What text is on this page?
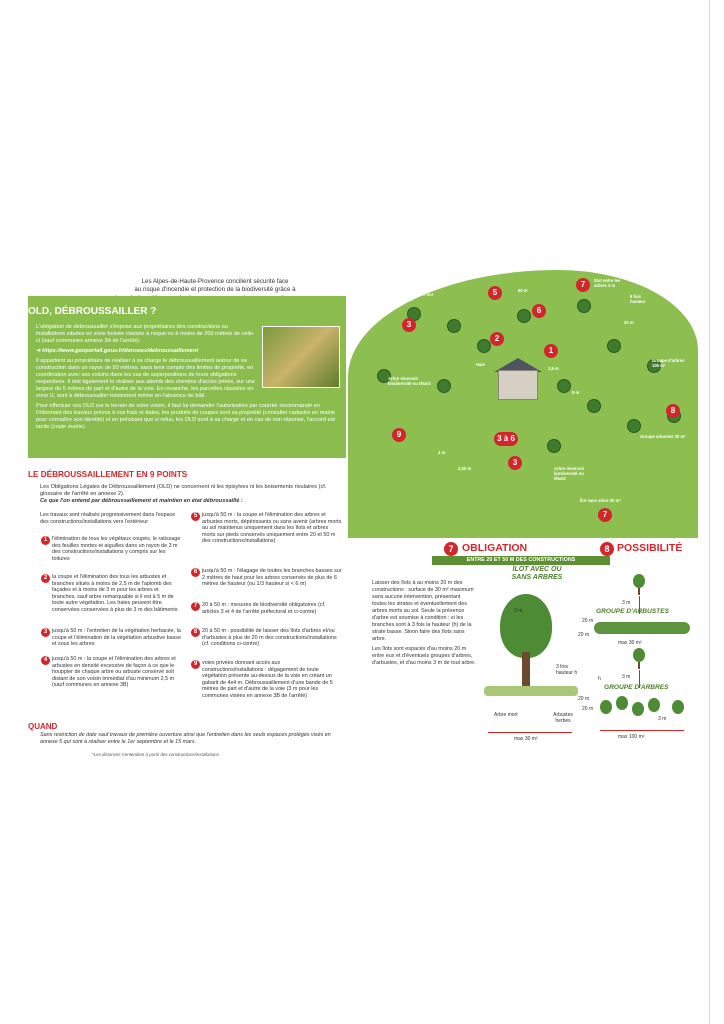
Les Alpes-de-Haute-Provence concilient sécurité face
au risque d'incendie et protection de la biodiversité grâce à
OLD, DÉBROUSSAILLER ?

L'obligation de débroussailler s'impose aux propriétaires des constructions ou installations situées en zone boisée classée à risque ou à moins de 200 mètres de celle-ci (sauf communes annexe 3A de l'arrêté).

➜ https://www.geoportail.gouv.fr/donnees/debroussaillement

Il appartient au propriétaire de réaliser à sa charge le débroussaillement autour de sa construction dans un rayon de 50 mètres, sans tenir compte des limites de propriété, en coordination avec ses voisins dans les cas de superpositions de leurs obligations respectives. Il doit également le réaliser aux abords des chemins d'accès privés, sur une largeur de 5 mètres de part et d'autre de la voie. En revanche, les parcelles classées en zone U, sont à débroussailler totalement même en l'absence de bâti.

Pour effectuer vos OLD sur le terrain de votre voisin, il faut lui demander l'autorisation par courrier recommandé en l'informant des travaux prévus à vos frais et dates, les produits de coupes sont sa propriété (consulter cadastre en mairie pour connaître son identité) et en précisant que si refus, les OLD sont à sa charge et en cas de non réponse, l'accord est tacite (copie mairie)

3
5
6
2
1
7
8
9
3
3 à 6
7
Arbre mort sur pied
Haie
Arbre réservoir biodiversité ou têtard
Dist entre les arbres 3 m
8 fois hauteur
Groupe d'arbres 100 m²
Groupe arbustes 30 m²
Îlot sans arbre 30 m²
Arbre réservoir biodiversité ou têtard
50 m
4 m
2,50 m
2,5 m
5 m
20 m
LE DÉBROUSSAILLEMENT EN 9 POINTS
Les Obligations Légales de Débroussaillement (OLD) ne concernent ni les ripisylves ni les boisements rivulaires (cf. glossaire de l'arrêté en annexe 2).
Ce que l'on entend par débroussaillement et maintien en état débroussaillé :
Les travaux sont réalisés progressivement dans l'espace des constructions/installations vers l'extérieur
1 l'élimination de tous les végétaux coupés, le ratissage des feuilles mortes et aiguilles dans un rayon de 3 m des constructions/installations y compris sur les toitures
2 la coupe et l'élimination des tous les arbustes et branches situés à moins de 2,5 m de l'aplomb des façades et à moins de 3 m pour les arbres et branches, sauf arbre remarquable si il est à 5 m de toute autre végétation. Les haies peuvent être conservées conservées à plus de 3 m des bâtiments
3 jusqu'à 50 m : l'entretien de la végétation herbacée, la coupe et l'élimination de la végétation arbustive basse et sous les arbres
4 jusqu'à 50 m : la coupe et l'élimination des arbres et arbustes en densité excessive de façon à ce que le houppier de chaque arbre ou arbuste conservé soit distant de son voisin immédiat d'au minimum 2,5 m (sauf communes en annexe 3B)
5 jusqu'à 50 m : la coupe et l'élimination des arbres et arbustes morts, dépérissants ou sans avenir (arbres morts au sol maintenus uniquement dans les îlots et arbres morts sur pieds conservés uniquement entre 20 et 50 m des constructions/installations)
6 jusqu'à 50 m : l'élagage de toutes les branches basses sur 2 mètres de haut pour les arbres conservés de plus de 6 mètres de hauteur (ou 1/3 hauteur si < 6 m)
7 20 à 50 m : mesures de biodiversité obligatoires (cf. articles 3 et 4 de l'arrêté préfectoral et ci-contre)
8 20 à 50 m : possibilité de laisser des îlots d'arbres et/ou d'arbustes à plus de 20 m des constructions/installations (cf. conditions ci-contre)
9 voies privées donnant accès aux constructions/installations : dégagement de toute végétation présente au-dessus de la voie en créant un gabarit de 4x4 m. Débroussaillement d'une bande de 5 mètres de part et d'autre de la voie (3 m pour les communes visées en annexe 3B de l'arrêté)
QUAND
Sans restriction de date sauf travaux de première ouverture ainsi que l'entretien dans les seuls espaces protégés visés en annexe 5 qui sont à réaliser entre le 1er septembre et le 15 mars.
*Les distances s'entendent à partir des constructions/installations.
7 OBLIGATION	8 POSSIBILITÉ
ENTRE 20 ET 50 M DES CONSTRUCTIONS
ÎLOT AVEC OU SANS ARBRES

Laisser des îlots à au moins 20 m des constructions : surface de 30 m² maximum sans aucune intervention, présentant toutes les strates et éventuellement des arbres morts au sol. Seule la présence d'arbre est soumise à condition : si les branches sont à 3 fois la hauteur (h) de la strate basse. Sinon faire des îlots sans arbre.

Les îlots sont espacés d'au moins 20 m entre eux et d'éventuels groupes d'arbres, d'arbustes, et d'au moins 3 m de tout arbre.

3 fois hauteur h
Arbre mort	Arbustes herbes
max 30 m²
3 m
20 m
20 m
h
3 m
GROUPE D'ARBUSTES
max 30 m²
3 m
GROUPE D'ARBRES
3 m
20 m
20 m
max 100 m²
